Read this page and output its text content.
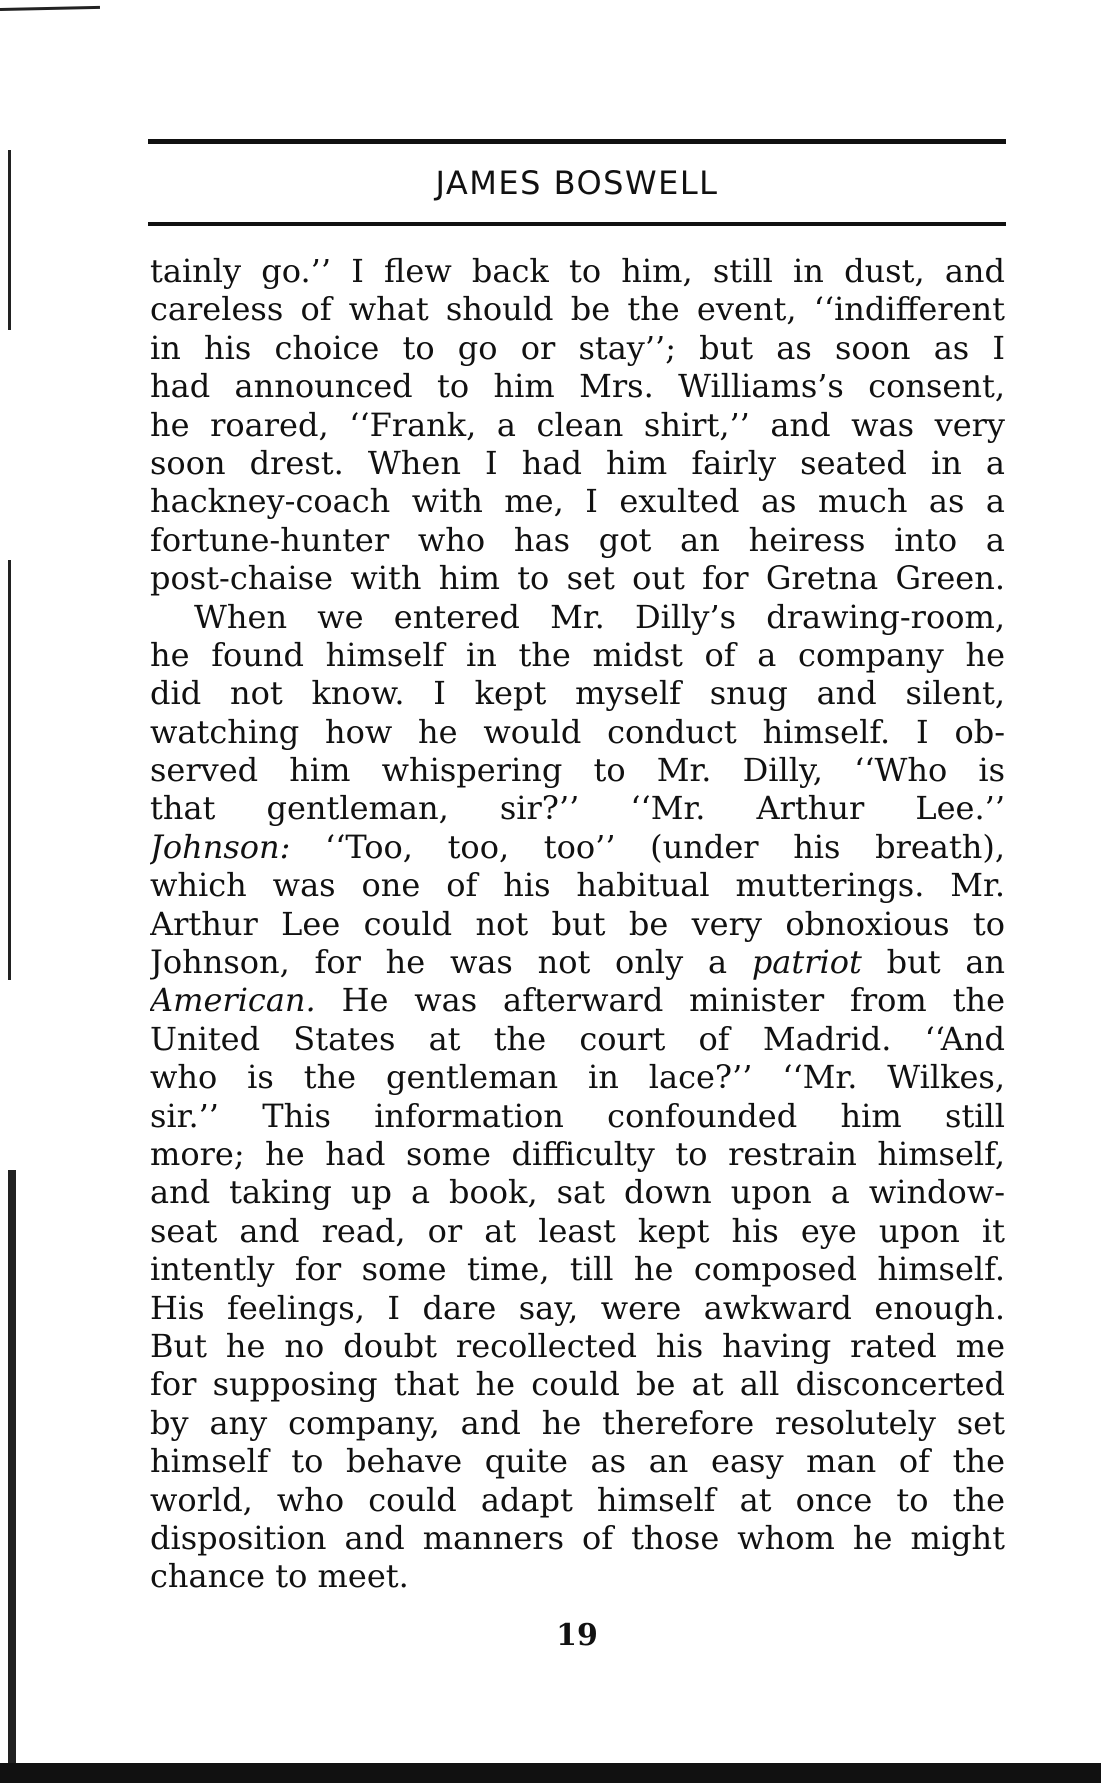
JAMES BOSWELL
tainly go.’’ I flew back to him, still in dust, and
careless of what should be the event, ‘‘indifferent
in his choice to go or stay’’; but as soon as I
had announced to him Mrs. Williams’s consent,
he roared, ‘‘Frank, a clean shirt,’’ and was very
soon drest. When I had him fairly seated in a
hackney-coach with me, I exulted as much as a
fortune-hunter who has got an heiress into a
post-chaise with him to set out for Gretna Green.
When we entered Mr. Dilly’s drawing-room,
he found himself in the midst of a company he
did not know. I kept myself snug and silent,
watching how he would conduct himself. I ob-
served him whispering to Mr. Dilly, ‘‘Who is
that gentleman, sir?’’ ‘‘Mr. Arthur Lee.’’
Johnson: ‘‘Too, too, too’’ (under his breath),
which was one of his habitual mutterings. Mr.
Arthur Lee could not but be very obnoxious to
Johnson, for he was not only a patriot but an
American. He was afterward minister from the
United States at the court of Madrid. ‘‘And
who is the gentleman in lace?’’ ‘‘Mr. Wilkes,
sir.’’ This information confounded him still
more; he had some difficulty to restrain himself,
and taking up a book, sat down upon a window-
seat and read, or at least kept his eye upon it
intently for some time, till he composed himself.
His feelings, I dare say, were awkward enough.
But he no doubt recollected his having rated me
for supposing that he could be at all disconcerted
by any company, and he therefore resolutely set
himself to behave quite as an easy man of the
world, who could adapt himself at once to the
disposition and manners of those whom he might
chance to meet.

19
